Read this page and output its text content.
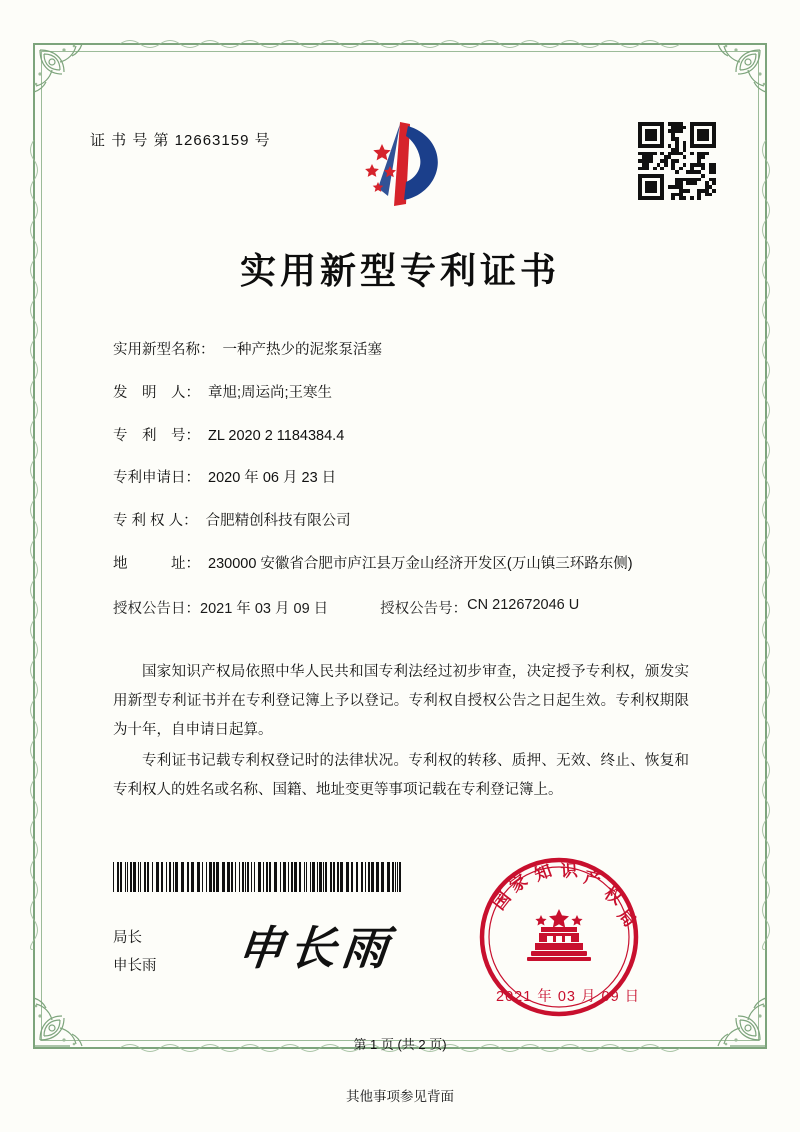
证 书 号 第 12663159 号
实用新型专利证书
实用新型名称： 一种产热少的泥浆泵活塞
发　明　人： 章旭;周运尚;王寒生
专　利　号： ZL 2020 2 1184384.4
专利申请日： 2020 年 06 月 23 日
专 利 权 人： 合肥精创科技有限公司
地　　　址： 230000 安徽省合肥市庐江县万金山经济开发区(万山镇三环路东侧)
授权公告日： 2021 年 03 月 09 日	授权公告号： CN 212672046 U

国家知识产权局依照中华人民共和国专利法经过初步审查，决定授予专利权，颁发实用新型专利证书并在专利登记簿上予以登记。专利权自授权公告之日起生效。专利权期限为十年，自申请日起算。

专利证书记载专利权登记时的法律状况。专利权的转移、质押、无效、终止、恢复和专利权人的姓名或名称、国籍、地址变更等事项记载在专利登记簿上。

局长
申长雨 申长雨
国
家 知 识 产
权
局
2021 年 03 月 09 日
第 1 页 (共 2 页)
其他事项参见背面
